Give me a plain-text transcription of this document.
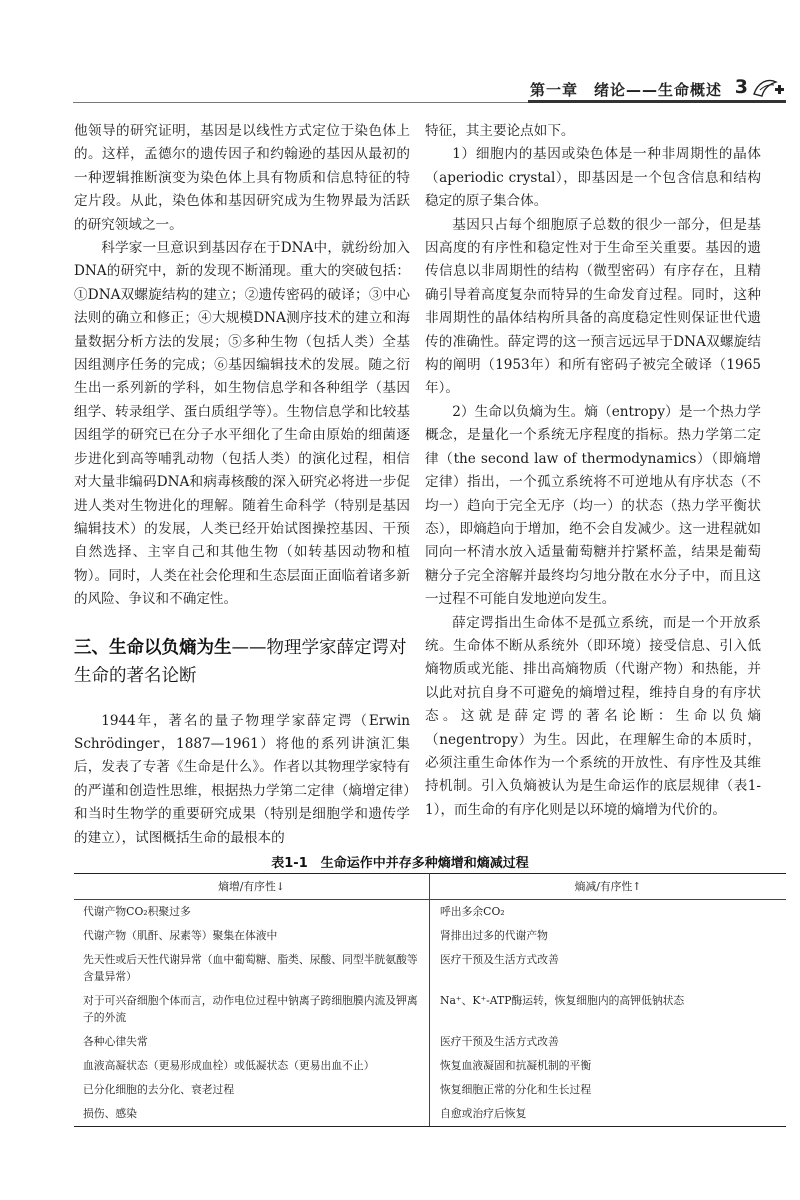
第一章　绪论——生命概述 3

他领导的研究证明，基因是以线性方式定位于染色体上的。这样，孟德尔的遗传因子和约翰逊的基因从最初的一种逻辑推断演变为染色体上具有物质和信息特征的特定片段。从此，染色体和基因研究成为生物界最为活跃的研究领域之一。

科学家一旦意识到基因存在于DNA中，就纷纷加入DNA的研究中，新的发现不断涌现。重大的突破包括：①DNA双螺旋结构的建立；②遗传密码的破译；③中心法则的确立和修正；④大规模DNA测序技术的建立和海量数据分析方法的发展；⑤多种生物（包括人类）全基因组测序任务的完成；⑥基因编辑技术的发展。随之衍生出一系列新的学科，如生物信息学和各种组学（基因组学、转录组学、蛋白质组学等）。生物信息学和比较基因组学的研究已在分子水平细化了生命由原始的细菌逐步进化到高等哺乳动物（包括人类）的演化过程，相信对大量非编码DNA和病毒核酸的深入研究必将进一步促进人类对生物进化的理解。随着生命科学（特别是基因编辑技术）的发展，人类已经开始试图操控基因、干预自然选择、主宰自己和其他生物（如转基因动物和植物）。同时，人类在社会伦理和生态层面正面临着诸多新的风险、争议和不确定性。

三、生命以负熵为生——物理学家薛定谔对生命的著名论断

1944年，著名的量子物理学家薛定谔（Erwin Schrödinger，1887—1961）将他的系列讲演汇集后，发表了专著《生命是什么》。作者以其物理学家特有的严谨和创造性思维，根据热力学第二定律（熵增定律）和当时生物学的重要研究成果（特别是细胞学和遗传学的建立），试图概括生命的最根本的

特征，其主要论点如下。

1）细胞内的基因或染色体是一种非周期性的晶体（aperiodic crystal），即基因是一个包含信息和结构稳定的原子集合体。

基因只占每个细胞原子总数的很少一部分，但是基因高度的有序性和稳定性对于生命至关重要。基因的遗传信息以非周期性的结构（微型密码）有序存在，且精确引导着高度复杂而特异的生命发育过程。同时，这种非周期性的晶体结构所具备的高度稳定性则保证世代遗传的准确性。薛定谔的这一预言远远早于DNA双螺旋结构的阐明（1953年）和所有密码子被完全破译（1965年）。

2）生命以负熵为生。熵（entropy）是一个热力学概念，是量化一个系统无序程度的指标。热力学第二定律（the second law of thermodynamics）（即熵增定律）指出，一个孤立系统将不可逆地从有序状态（不均一）趋向于完全无序（均一）的状态（热力学平衡状态），即熵趋向于增加，绝不会自发减少。这一进程就如同向一杯清水放入适量葡萄糖并拧紧杯盖，结果是葡萄糖分子完全溶解并最终均匀地分散在水分子中，而且这一过程不可能自发地逆向发生。

薛定谔指出生命体不是孤立系统，而是一个开放系统。生命体不断从系统外（即环境）接受信息、引入低熵物质或光能、排出高熵物质（代谢产物）和热能，并以此对抗自身不可避免的熵增过程，维持自身的有序状态。这就是薛定谔的著名论断：生命以负熵（negentropy）为生。因此，在理解生命的本质时，必须注重生命体作为一个系统的开放性、有序性及其维持机制。引入负熵被认为是生命运作的底层规律（表1-1），而生命的有序化则是以环境的熵增为代价的。

表1-1　生命运作中并存多种熵增和熵减过程
熵增/有序性↓	熵减/有序性↑
代谢产物CO₂积聚过多	呼出多余CO₂
代谢产物（肌酐、尿素等）聚集在体液中	肾排出过多的代谢产物
先天性或后天性代谢异常（血中葡萄糖、脂类、尿酸、同型半胱氨酸等含量异常）	医疗干预及生活方式改善
对于可兴奋细胞个体而言，动作电位过程中钠离子跨细胞膜内流及钾离子的外流	Na⁺、K⁺-ATP酶运转，恢复细胞内的高钾低钠状态
各种心律失常	医疗干预及生活方式改善
血液高凝状态（更易形成血栓）或低凝状态（更易出血不止）	恢复血液凝固和抗凝机制的平衡
已分化细胞的去分化、衰老过程	恢复细胞正常的分化和生长过程
损伤、感染	自愈或治疗后恢复
